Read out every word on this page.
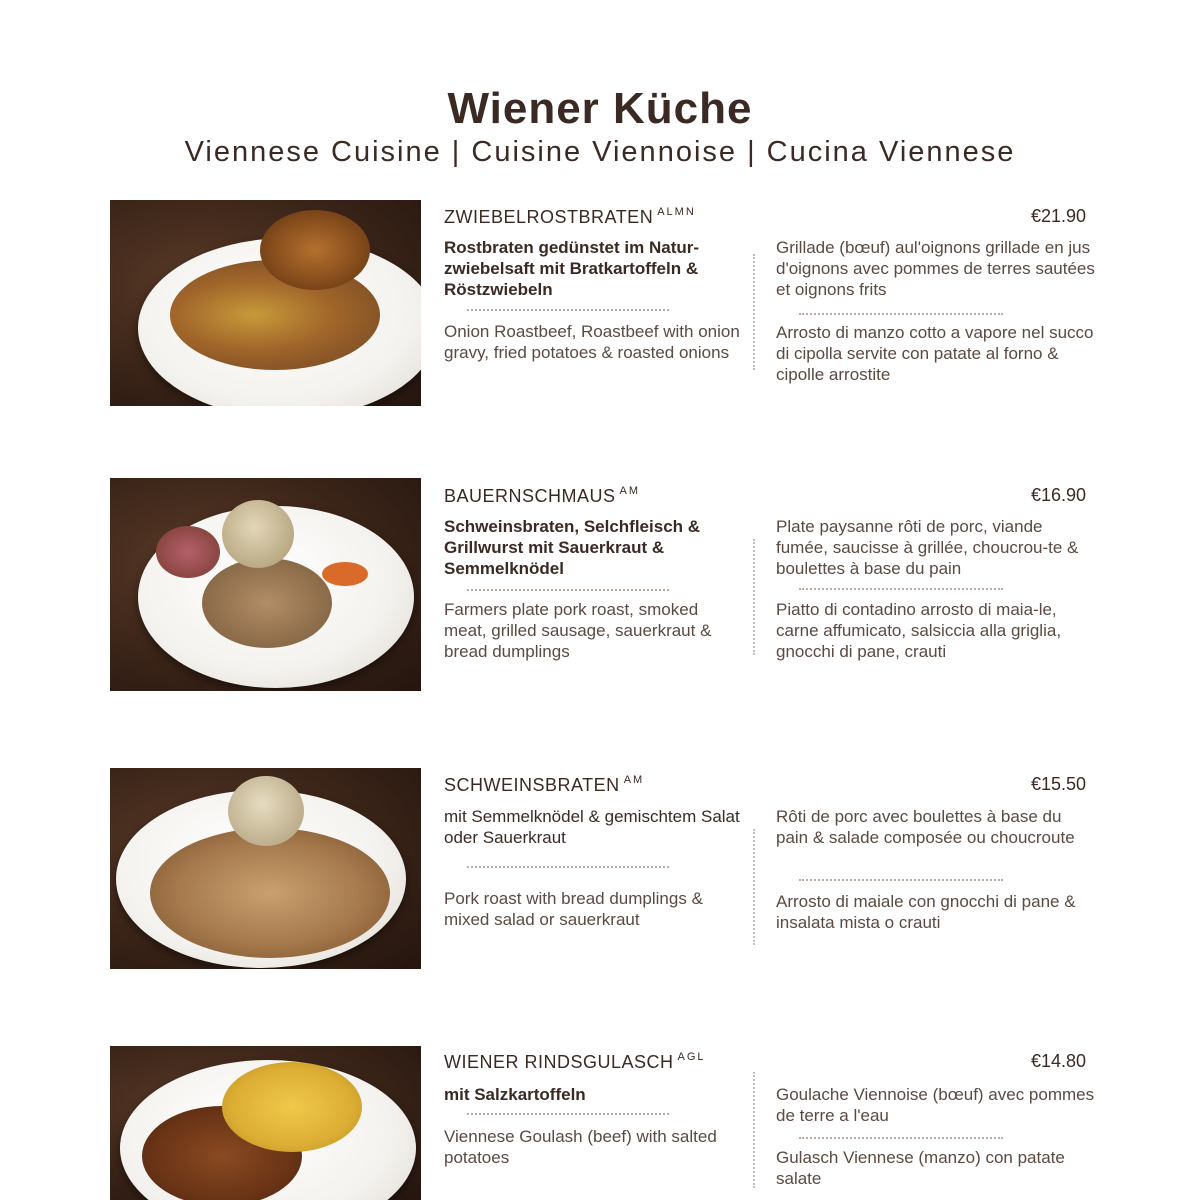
Wiener Küche

Viennese Cuisine | Cuisine Viennoise | Cucina Viennese

ZWIEBELROSTBRATEN $^{ALMN}$	€21.90
Rostbraten gedünstet im Natur-zwiebelsaft mit Bratkartoffeln & Röstzwiebeln
Onion Roastbeef, Roastbeef with onion gravy, fried potatoes & roasted onions
Grillade (bœuf) aul'oignons grillade en jus d'oignons avec pommes de terres sautées et oignons frits
Arrosto di manzo cotto a vapore nel succo di cipolla servite con patate al forno & cipolle arrostite
BAUERNSCHMAUS $^{AM}$	€16.90
Schweinsbraten, Selchfleisch & Grillwurst mit Sauerkraut & Semmelknödel
Farmers plate pork roast, smoked meat, grilled sausage, sauerkraut & bread dumplings
Plate paysanne rôti de porc, viande fumée, saucisse à grillée, choucrou-te & boulettes à base du pain
Piatto di contadino arrosto di maia-le, carne affumicato, salsiccia alla griglia, gnocchi di pane, crauti
SCHWEINSBRATEN $^{AM}$	€15.50
mit Semmelknödel & gemischtem Salat oder Sauerkraut
Pork roast with bread dumplings & mixed salad or sauerkraut
Rôti de porc avec boulettes à base du pain & salade composée ou choucroute
Arrosto di maiale con gnocchi di pane & insalata mista o crauti
WIENER RINDSGULASCH $^{AGL}$	€14.80
mit Salzkartoffeln
Viennese Goulash (beef) with salted potatoes
Goulache Viennoise (bœuf) avec pommes de terre a l'eau
Gulasch Viennese (manzo) con patate salate
